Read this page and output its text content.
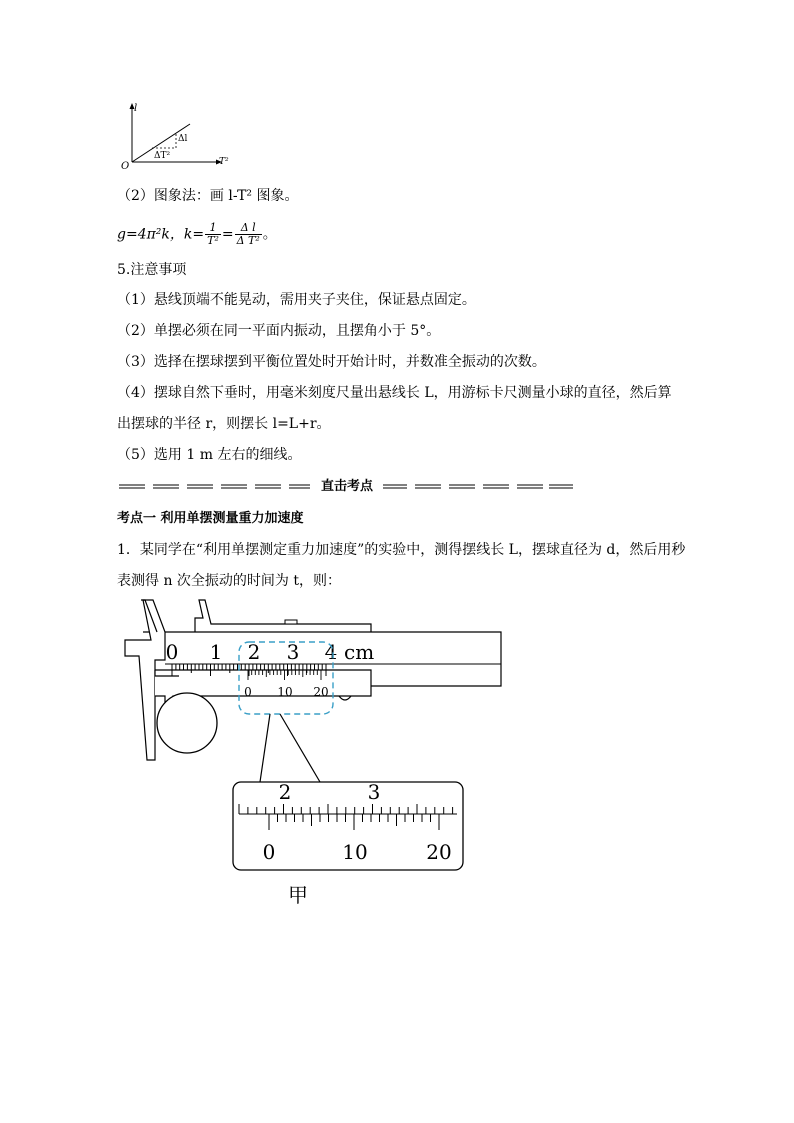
l
T²
O
Δl
ΔT²
（2）图象法：画 l-T² 图象。
g=4π²k，$k= \frac{1}{\text{T²}} = \frac{\text{Δ l}}{\text{Δ T²}}$ 。
5.注意事项
（1）悬线顶端不能晃动，需用夹子夹住，保证悬点固定。
（2）单摆必须在同一平面内振动，且摆角小于 5°。
（3）选择在摆球摆到平衡位置处时开始计时，并数准全振动的次数。
（4）摆球自然下垂时，用毫米刻度尺量出悬线长 L，用游标卡尺测量小球的直径，然后算
出摆球的半径 r，则摆长 l=L+r。
（5）选用 1 m 左右的细线。
直击考点
考点一 利用单摆测量重力加速度
1．某同学在“利用单摆测定重力加速度”的实验中，测得摆线长 L，摆球直径为 d，然后用秒
表测得 n 次全振动的时间为 t，则：
0 1 2 3 4 cm
0 10 20
2	3
0	10	20
甲
